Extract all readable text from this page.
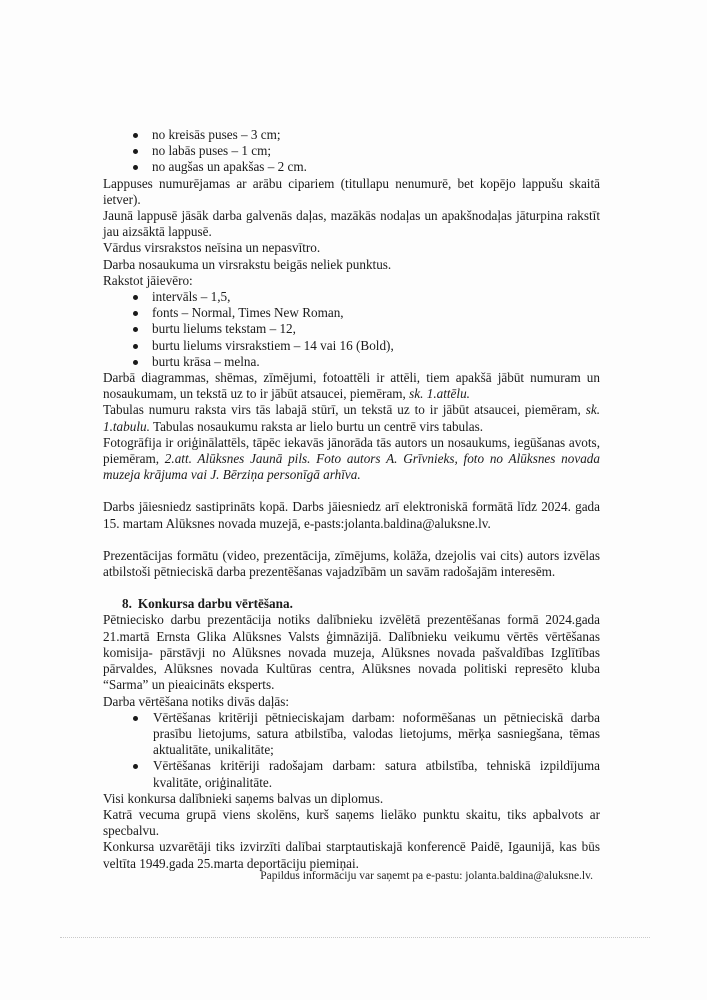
no kreisās puses – 3 cm;
no labās puses – 1 cm;
no augšas un apakšas – 2 cm.

Lappuses numurējamas ar arābu cipariem (titullapu nenumurē, bet kopējo lappušu skaitā ietver).

Jaunā lappusē jāsāk darba galvenās daļas, mazākās nodaļas un apakšnodaļas jāturpina rakstīt jau aizsāktā lappusē.

Vārdus virsrakstos neīsina un nepasvītro.

Darba nosaukuma un virsrakstu beigās neliek punktus.

Rakstot jāievēro:

intervāls – 1,5,
fonts – Normal, Times New Roman,
burtu lielums tekstam – 12,
burtu lielums virsrakstiem – 14 vai 16 (Bold),
burtu krāsa – melna.

Darbā diagrammas, shēmas, zīmējumi, fotoattēli ir attēli, tiem apakšā jābūt numuram un nosaukumam, un tekstā uz to ir jābūt atsaucei, piemēram, sk. 1.attēlu.

Tabulas numuru raksta virs tās labajā stūrī, un tekstā uz to ir jābūt atsaucei, piemēram, sk. 1.tabulu. Tabulas nosaukumu raksta ar lielo burtu un centrē virs tabulas.

Fotogrāfija ir oriģinālattēls, tāpēc iekavās jānorāda tās autors un nosaukums, iegūšanas avots, piemēram, 2.att. Alūksnes Jaunā pils. Foto autors A. Grīvnieks, foto no Alūksnes novada muzeja krājuma vai J. Bērziņa personīgā arhīva.

Darbs jāiesniedz sastiprināts kopā. Darbs jāiesniedz arī elektroniskā formātā līdz 2024. gada 15. martam Alūksnes novada muzejā, e-pasts:jolanta.baldina@aluksne.lv.

Prezentācijas formātu (video, prezentācija, zīmējums, kolāža, dzejolis vai cits) autors izvēlas atbilstoši pētnieciskā darba prezentēšanas vajadzībām un savām radošajām interesēm.

8. Konkursa darbu vērtēšana.

Pētniecisko darbu prezentācija notiks dalībnieku izvēlētā prezentēšanas formā 2024.gada 21.martā Ernsta Glika Alūksnes Valsts ģimnāzijā. Dalībnieku veikumu vērtēs vērtēšanas komisija- pārstāvji no Alūksnes novada muzeja, Alūksnes novada pašvaldības Izglītības pārvaldes, Alūksnes novada Kultūras centra, Alūksnes novada politiski represēto kluba “Sarma” un pieaicināts eksperts.

Darba vērtēšana notiks divās daļās:

Vērtēšanas kritēriji pētnieciskajam darbam: noformēšanas un pētnieciskā darba prasību lietojums, satura atbilstība, valodas lietojums, mērķa sasniegšana, tēmas aktualitāte, unikalitāte;
Vērtēšanas kritēriji radošajam darbam: satura atbilstība, tehniskā izpildījuma kvalitāte, oriģinalitāte.

Visi konkursa dalībnieki saņems balvas un diplomus.

Katrā vecuma grupā viens skolēns, kurš saņems lielāko punktu skaitu, tiks apbalvots ar specbalvu.

Konkursa uzvarētāji tiks izvirzīti dalībai starptautiskajā konferencē Paidē, Igaunijā, kas būs veltīta 1949.gada 25.marta deportāciju piemiņai.

Papildus informāciju var saņemt pa e-pastu: jolanta.baldina@aluksne.lv.
